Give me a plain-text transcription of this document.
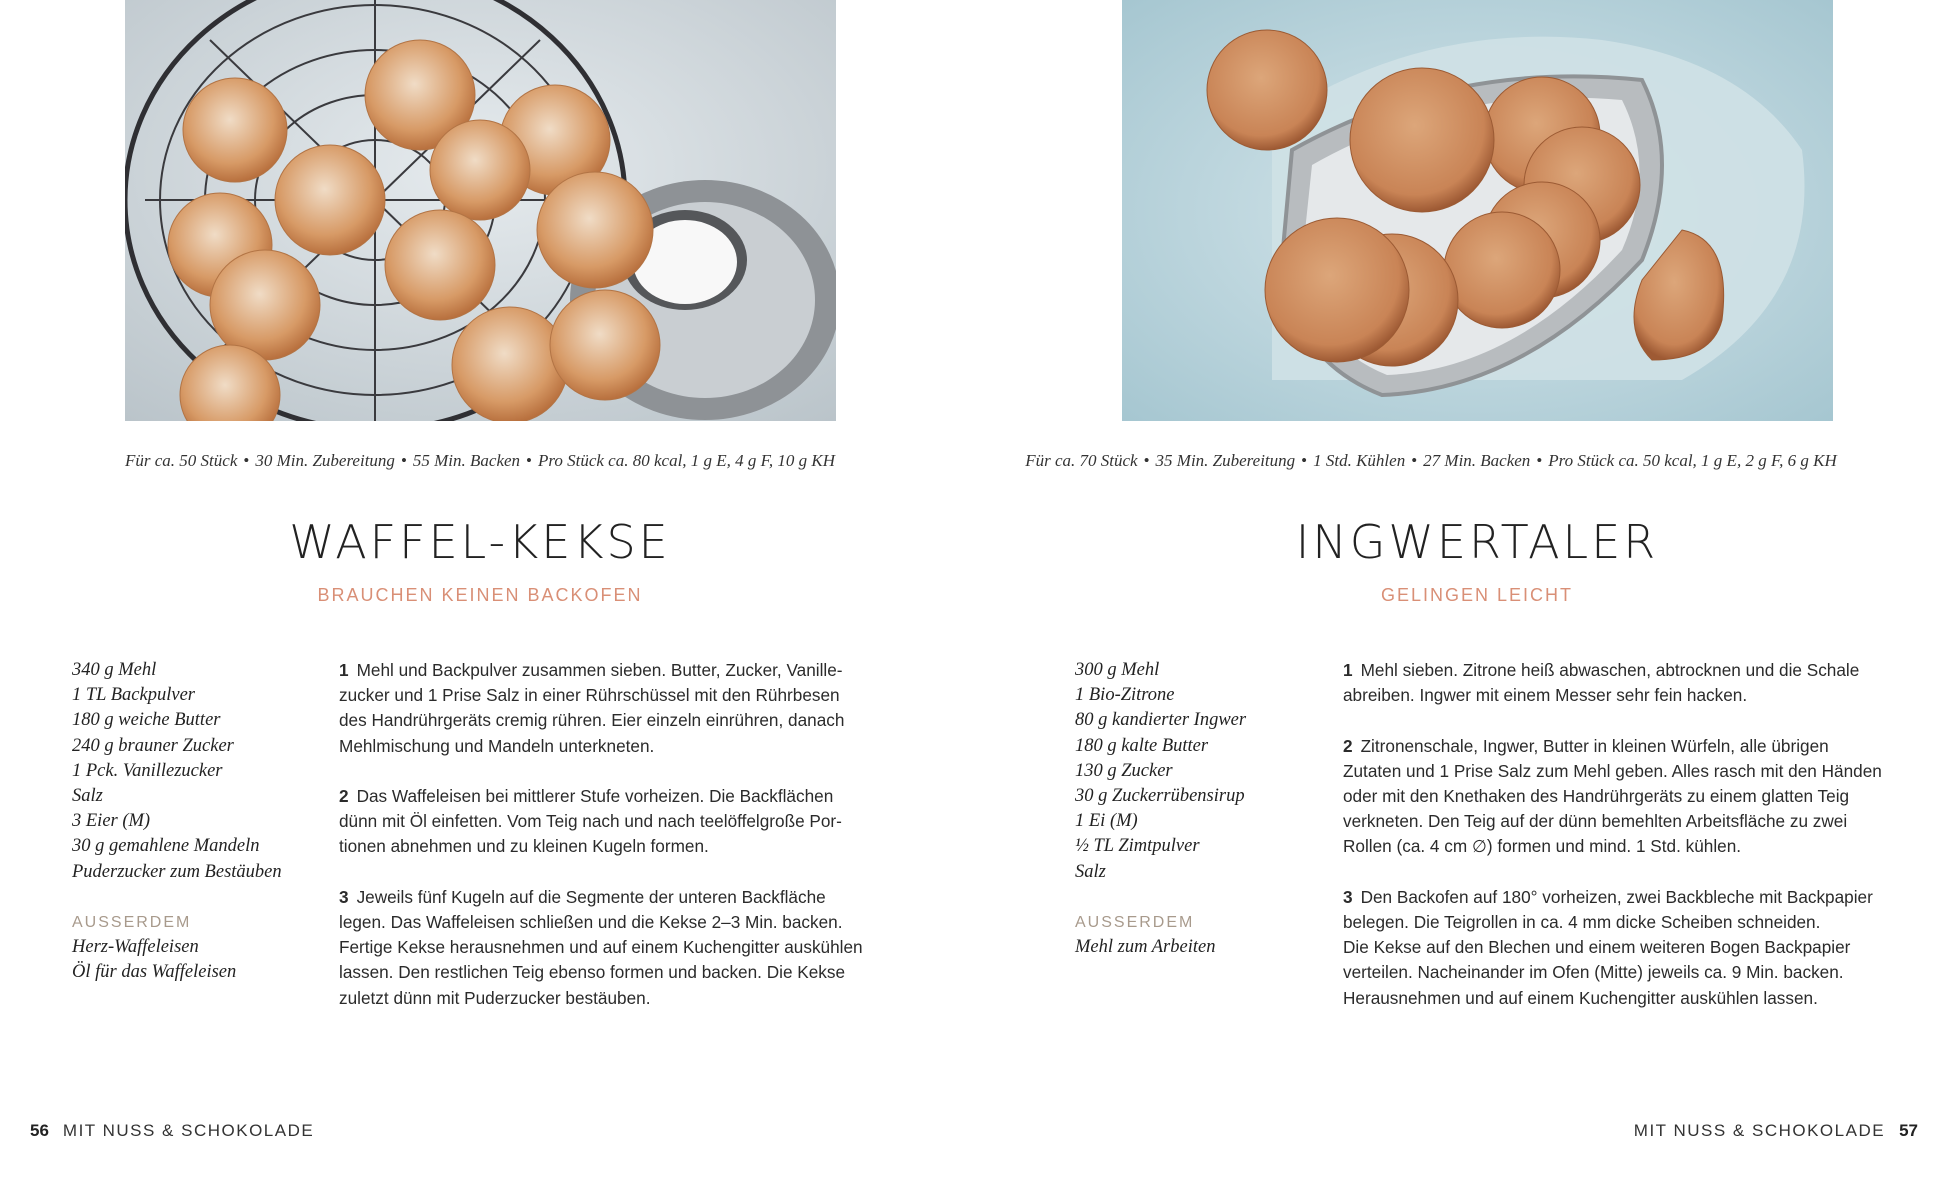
Für ca. 50 Stück • 30 Min. Zubereitung • 55 Min. Backen • Pro Stück ca. 80 kcal, 1 g E, 4 g F, 10 g KH
WAFFEL-KEKSE
BRAUCHEN KEINEN BACKOFEN
340 g Mehl
1 TL Backpulver
180 g weiche Butter
240 g brauner Zucker
1 Pck. Vanillezucker
Salz
3 Eier (M)
30 g gemahlene Mandeln
Puderzucker zum Bestäuben
AUSSERDEM
Herz-Waffeleisen
Öl für das Waffeleisen
1 Mehl und Backpulver zusammen sieben. Butter, Zucker, Vanille-
zucker und 1 Prise Salz in einer Rührschüssel mit den Rührbesen
des Handrührgeräts cremig rühren. Eier einzeln einrühren, danach
Mehlmischung und Mandeln unterkneten.
2 Das Waffeleisen bei mittlerer Stufe vorheizen. Die Backflächen
dünn mit Öl einfetten. Vom Teig nach und nach teelöffelgroße Por-
tionen abnehmen und zu kleinen Kugeln formen.
3 Jeweils fünf Kugeln auf die Segmente der unteren Backfläche
legen. Das Waffeleisen schließen und die Kekse 2–3 Min. backen.
Fertige Kekse herausnehmen und auf einem Kuchengitter auskühlen
lassen. Den restlichen Teig ebenso formen und backen. Die Kekse
zuletzt dünn mit Puderzucker bestäuben.
56 MIT NUSS & SCHOKOLADE
Für ca. 70 Stück • 35 Min. Zubereitung • 1 Std. Kühlen • 27 Min. Backen • Pro Stück ca. 50 kcal, 1 g E, 2 g F, 6 g KH
INGWERTALER
GELINGEN LEICHT
300 g Mehl
1 Bio-Zitrone
80 g kandierter Ingwer
180 g kalte Butter
130 g Zucker
30 g Zuckerrübensirup
1 Ei (M)
½ TL Zimtpulver
Salz
AUSSERDEM
Mehl zum Arbeiten
1 Mehl sieben. Zitrone heiß abwaschen, abtrocknen und die Schale
abreiben. Ingwer mit einem Messer sehr fein hacken.
2 Zitronenschale, Ingwer, Butter in kleinen Würfeln, alle übrigen
Zutaten und 1 Prise Salz zum Mehl geben. Alles rasch mit den Händen
oder mit den Knethaken des Handrührgeräts zu einem glatten Teig
verkneten. Den Teig auf der dünn bemehlten Arbeitsfläche zu zwei
Rollen (ca. 4 cm ∅) formen und mind. 1 Std. kühlen.
3 Den Backofen auf 180° vorheizen, zwei Backbleche mit Backpapier
belegen. Die Teigrollen in ca. 4 mm dicke Scheiben schneiden.
Die Kekse auf den Blechen und einem weiteren Bogen Backpapier
verteilen. Nacheinander im Ofen (Mitte) jeweils ca. 9 Min. backen.
Herausnehmen und auf einem Kuchengitter auskühlen lassen.
MIT NUSS & SCHOKOLADE 57
